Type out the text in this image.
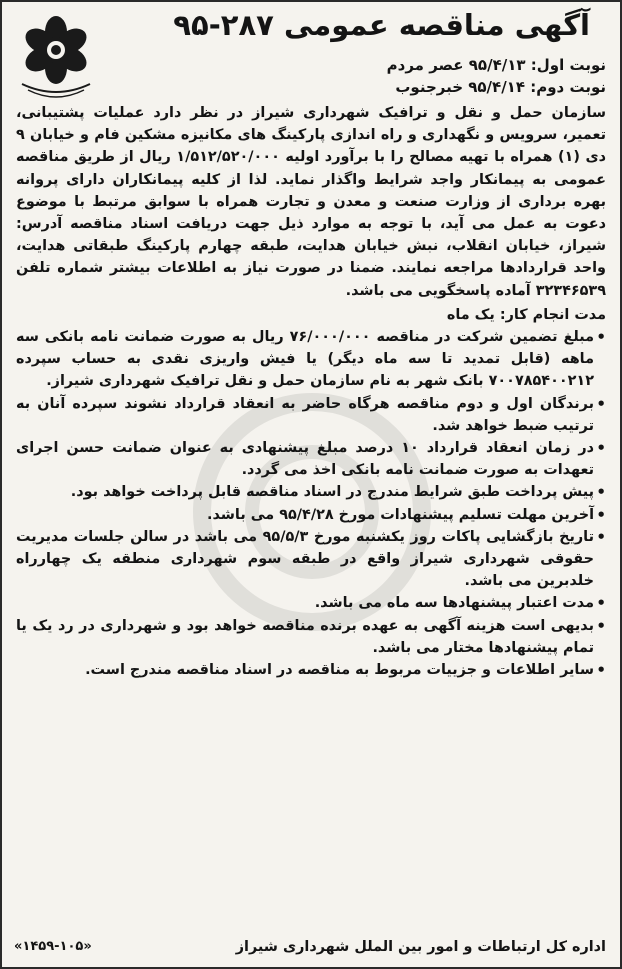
آگهی مناقصه عمومی ۲۸۷-۹۵
نوبت اول: ۹۵/۴/۱۳ عصر مردم
نوبت دوم: ۹۵/۴/۱۴ خبرجنوب

سازمان حمل و نقل و ترافیک شهرداری شیراز در نظر دارد عملیات پشتیبانی، تعمیر، سرویس و نگهداری و راه اندازی پارکینگ های مکانیزه مشکین فام و خیابان ۹ دی (۱) همراه با تهیه مصالح را با برآورد اولیه ۱/۵۱۲/۵۲۰/۰۰۰ ریال از طریق مناقصه عمومی به پیمانکار واجد شرایط واگذار نماید. لذا از کلیه پیمانکاران دارای پروانه بهره برداری از وزارت صنعت و معدن و تجارت همراه با سوابق مرتبط با موضوع دعوت به عمل می آید، با توجه به موارد ذیل جهت دریافت اسناد مناقصه آدرس: شیراز، خیابان انقلاب، نبش خیابان هدایت، طبقه چهارم پارکینگ طبقاتی هدایت، واحد قراردادها مراجعه نمایند. ضمنا در صورت نیاز به اطلاعات بیشتر شماره تلفن ۳۲۳۴۶۵۳۹ آماده پاسخگویی می باشد.

مدت انجام کار: یک ماه

• مبلغ تضمین شرکت در مناقصه ۷۶/۰۰۰/۰۰۰ ریال به صورت ضمانت نامه بانکی سه ماهه (قابل تمدید تا سه ماه دیگر) یا فیش واریزی نقدی به حساب سپرده ۷۰۰۷۸۵۴۰۰۲۱۲ بانک شهر به نام سازمان حمل و نقل ترافیک شهرداری شیراز.
• برندگان اول و دوم مناقصه هرگاه حاضر به انعقاد قرارداد نشوند سپرده آنان به ترتیب ضبط خواهد شد.
• در زمان انعقاد قرارداد ۱۰ درصد مبلغ پیشنهادی به عنوان ضمانت حسن اجرای تعهدات به صورت ضمانت نامه بانکی اخذ می گردد.
• پیش پرداخت طبق شرایط مندرج در اسناد مناقصه قابل پرداخت خواهد بود.
• آخرین مهلت تسلیم پیشنهادات مورخ ۹۵/۴/۲۸ می باشد.
• تاریخ بازگشایی پاکات روز یکشنبه مورخ ۹۵/۵/۳ می باشد در سالن جلسات مدیریت حقوقی شهرداری شیراز واقع در طبقه سوم شهرداری منطقه یک چهارراه خلدبرین می باشد.
• مدت اعتبار پیشنهادها سه ماه می باشد.
• بدیهی است هزینه آگهی به عهده برنده مناقصه خواهد بود و شهرداری در رد یک یا تمام پیشنهادها مختار می باشد.
• سایر اطلاعات و جزییات مربوط به مناقصه در اسناد مناقصه مندرج است.
اداره کل ارتباطات و امور بین الملل شهرداری شیراز
«۱۴۵۹-۱۰۵»
